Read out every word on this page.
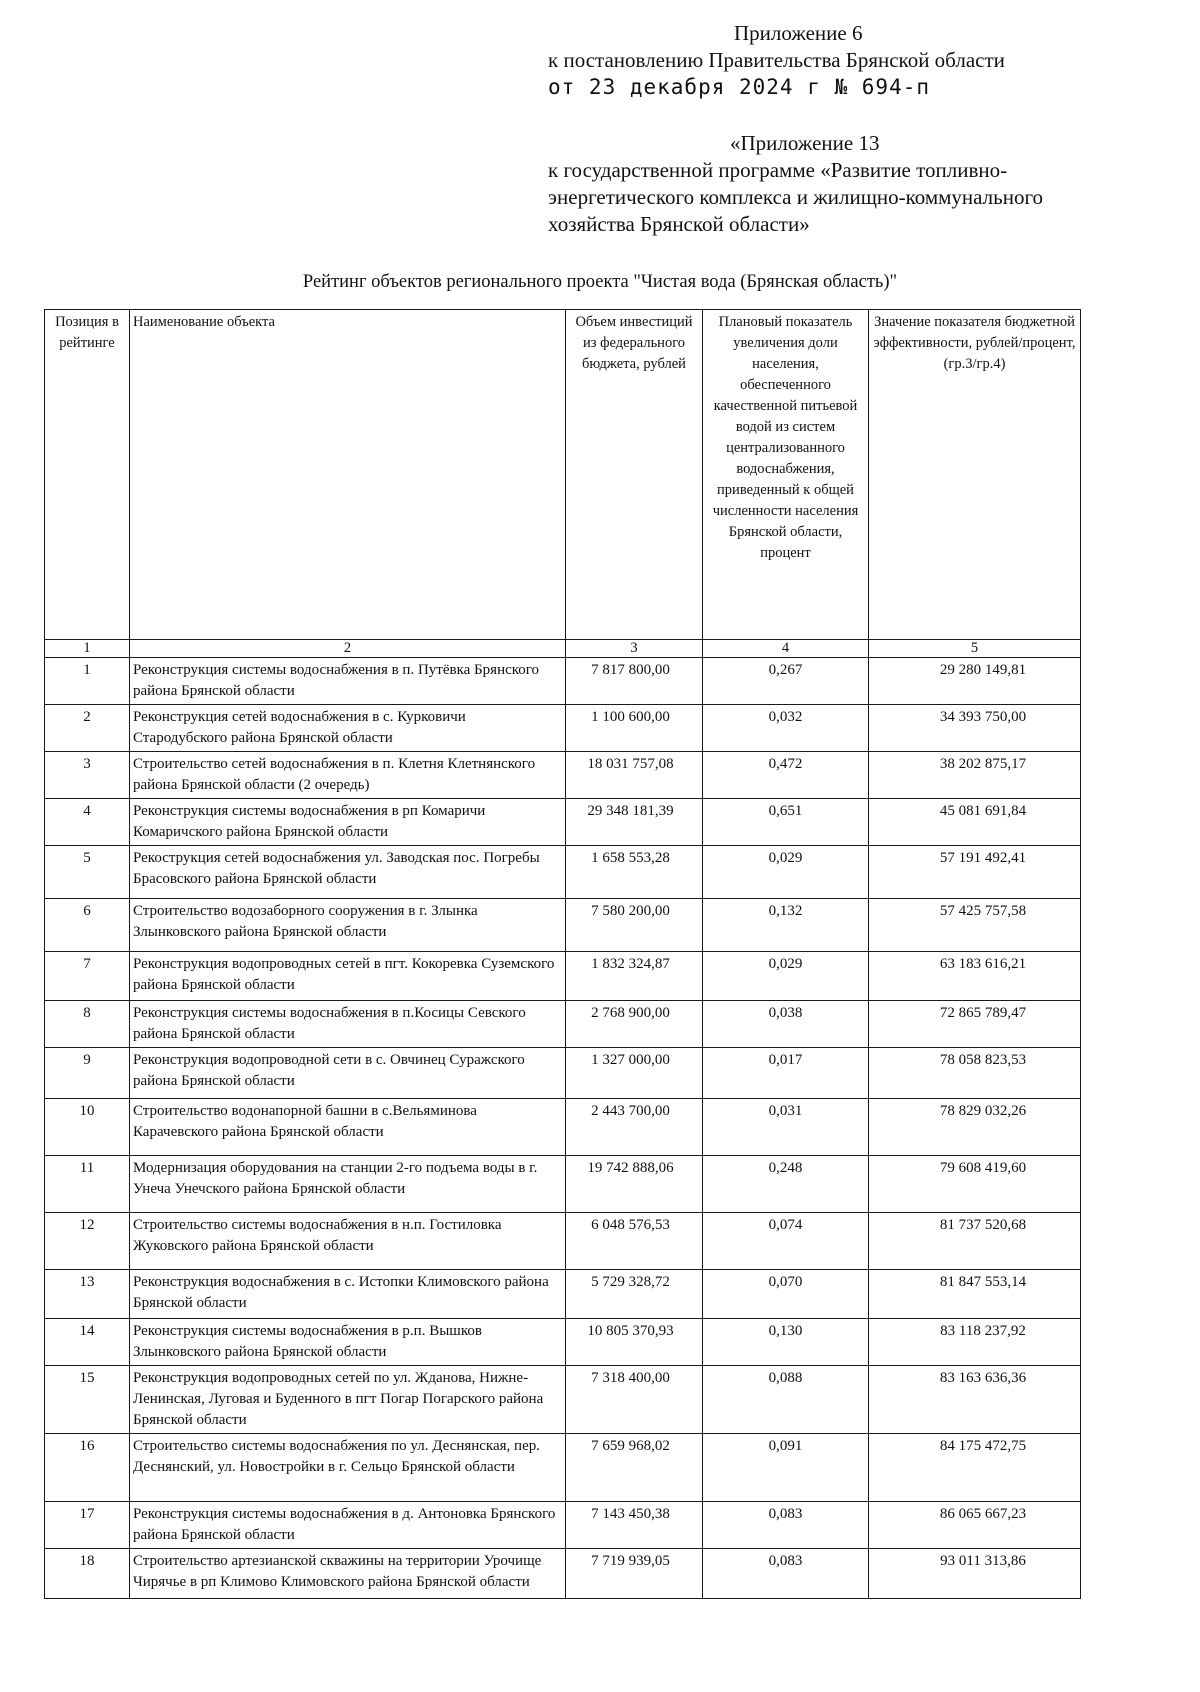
Приложение 6
к постановлению Правительства Брянской области
от 23 декабря 2024 г № 694-п
«Приложение 13
к государственной программе «Развитие топливно-
энергетического комплекса и жилищно-коммунального
хозяйства Брянской области»
Рейтинг объектов регионального проекта "Чистая вода (Брянская область)"
Позиция в рейтинге	Наименование объекта	Объем инвестиций из федерального бюджета, рублей	Плановый показатель увеличения доли населения, обеспеченного качественной питьевой водой из систем централизованного водоснабжения, приведенный к общей численности населения Брянской области, процент	Значение показателя бюджетной эффективности, рублей/процент, (гр.3/гр.4)
1	2	3	4	5
1	Реконструкция системы водоснабжения в п. Путёвка Брянского района Брянской области	7 817 800,00	0,267	29 280 149,81
2	Реконструкция сетей водоснабжения в с. Курковичи Стародубского района Брянской области	1 100 600,00	0,032	34 393 750,00
3	Строительство сетей водоснабжения в п. Клетня Клетнянского района Брянской области (2 очередь)	18 031 757,08	0,472	38 202 875,17
4	Реконструкция системы водоснабжения в рп Комаричи Комаричского района Брянской области	29 348 181,39	0,651	45 081 691,84
5	Рекострукция сетей водоснабжения ул. Заводская пос. Погребы Брасовского района Брянской области	1 658 553,28	0,029	57 191 492,41
6	Строительство водозаборного сооружения в г. Злынка Злынковского района Брянской области	7 580 200,00	0,132	57 425 757,58
7	Реконструкция водопроводных сетей в пгт. Кокоревка Суземского района Брянской области	1 832 324,87	0,029	63 183 616,21
8	Реконструкция системы водоснабжения в п.Косицы Севского района Брянской области	2 768 900,00	0,038	72 865 789,47
9	Реконструкция водопроводной сети в с. Овчинец Суражского района Брянской области	1 327 000,00	0,017	78 058 823,53
10	Строительство водонапорной башни в с.Вельяминова Карачевского района Брянской области	2 443 700,00	0,031	78 829 032,26
11	Модернизация оборудования на станции 2-го подъема воды в г. Унеча Унечского района Брянской области	19 742 888,06	0,248	79 608 419,60
12	Строительство системы водоснабжения в н.п. Гостиловка Жуковского района Брянской области	6 048 576,53	0,074	81 737 520,68
13	Реконструкция водоснабжения в с. Истопки Климовского района Брянской области	5 729 328,72	0,070	81 847 553,14
14	Реконструкция системы водоснабжения в р.п. Вышков Злынковского района Брянской области	10 805 370,93	0,130	83 118 237,92
15	Реконструкция водопроводных сетей по ул. Жданова, Нижне-Ленинская, Луговая и Буденного в пгт Погар Погарского района Брянской области	7 318 400,00	0,088	83 163 636,36
16	Строительство системы водоснабжения по ул. Деснянская, пер. Деснянский, ул. Новостройки в г. Сельцо Брянской области	7 659 968,02	0,091	84 175 472,75
17	Реконструкция системы водоснабжения в д. Антоновка Брянского района Брянской области	7 143 450,38	0,083	86 065 667,23
18	Строительство артезианской скважины на территории Урочище Чирячье в рп Климово Климовского района Брянской области	7 719 939,05	0,083	93 011 313,86
